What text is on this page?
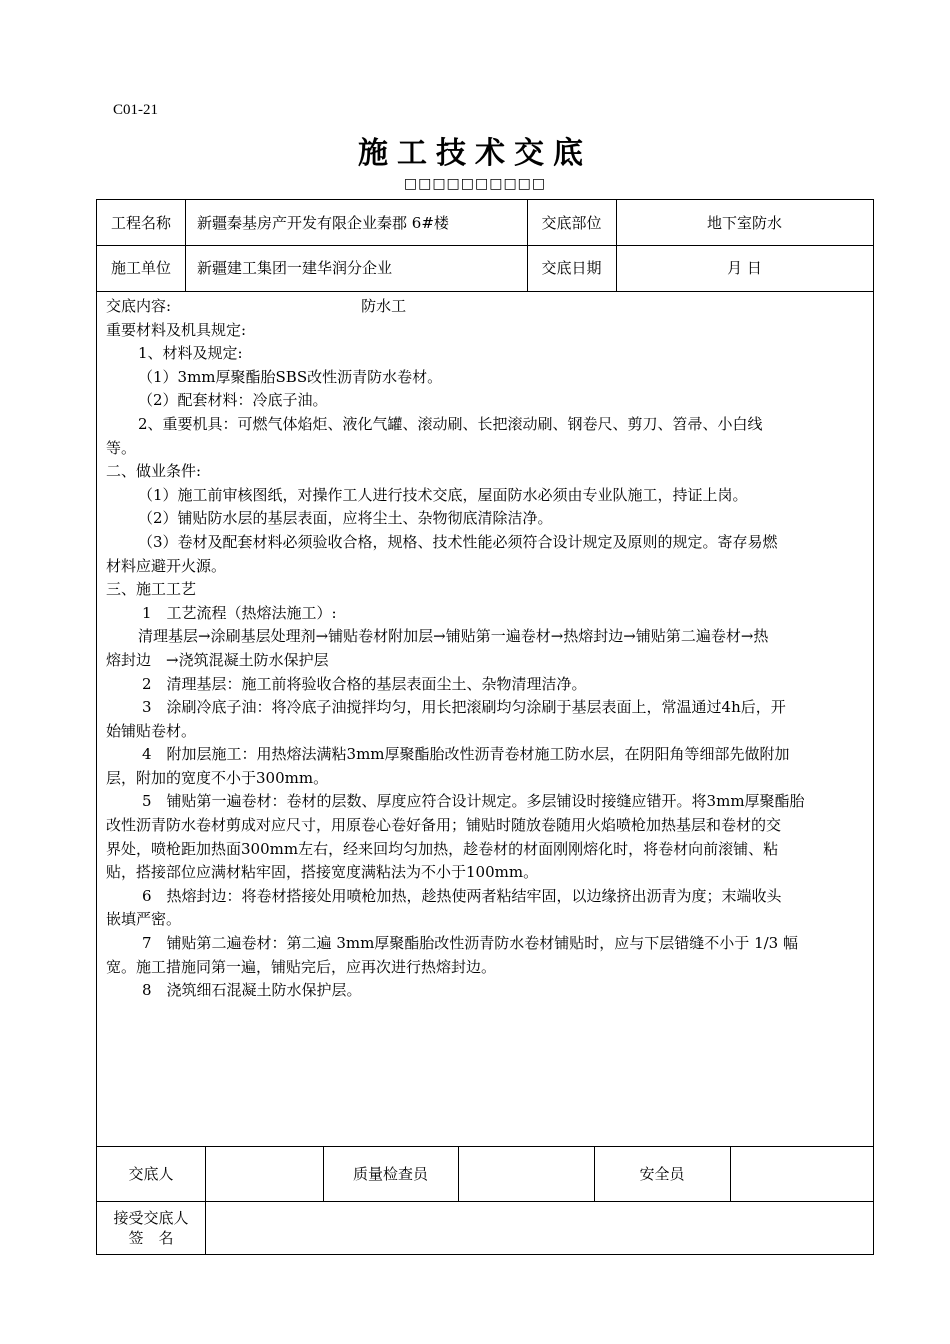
C01-21
施工技术交底
□□□□□□□□□□
工程名称	新疆秦基房产开发有限企业秦郡 6#楼	交底部位	地下室防水
施工单位	新疆建工集团一建华润分企业	交底日期	月 日

交底内容:	防水工

重要材料及机具规定:

1、材料及规定:

（1）3mm厚聚酯胎SBS改性沥青防水卷材。

（2）配套材料：冷底子油。

2、重要机具：可燃气体焰炬、液化气罐、滚动刷、长把滚动刷、钢卷尺、剪刀、笤帚、小白线

等。

二、做业条件:

（1）施工前审核图纸，对操作工人进行技术交底，屋面防水必须由专业队施工，持证上岗。

（2）铺贴防水层的基层表面，应将尘土、杂物彻底清除洁净。

（3）卷材及配套材料必须验收合格，规格、技术性能必须符合设计规定及原则的规定。寄存易燃

材料应避开火源。

三、施工工艺

1　工艺流程（热熔法施工）:

清理基层→涂刷基层处理剂→铺贴卷材附加层→铺贴第一遍卷材→热熔封边→铺贴第二遍卷材→热

熔封边　→浇筑混凝土防水保护层

2　清理基层：施工前将验收合格的基层表面尘土、杂物清理洁净。

3　涂刷冷底子油：将冷底子油搅拌均匀，用长把滚刷均匀涂刷于基层表面上，常温通过4h后，开

始铺贴卷材。

4　附加层施工：用热熔法满粘3mm厚聚酯胎改性沥青卷材施工防水层，在阴阳角等细部先做附加

层，附加的宽度不小于300mm。

5　铺贴第一遍卷材：卷材的层数、厚度应符合设计规定。多层铺设时接缝应错开。将3mm厚聚酯胎

改性沥青防水卷材剪成对应尺寸，用原卷心卷好备用；铺贴时随放卷随用火焰喷枪加热基层和卷材的交

界处，喷枪距加热面300mm左右，经来回均匀加热，趁卷材的材面刚刚熔化时，将卷材向前滚铺、粘

贴，搭接部位应满材粘牢固，搭接宽度满粘法为不小于100mm。

6　热熔封边：将卷材搭接处用喷枪加热，趁热使两者粘结牢固，以边缘挤出沥青为度；末端收头

嵌填严密。

7　铺贴第二遍卷材：第二遍 3mm厚聚酯胎改性沥青防水卷材铺贴时，应与下层错缝不小于 1/3 幅

宽。施工措施同第一遍，铺贴完后，应再次进行热熔封边。

8　浇筑细石混凝土防水保护层。

交底人	质量检查员	安全员
接受交底人
签　名
